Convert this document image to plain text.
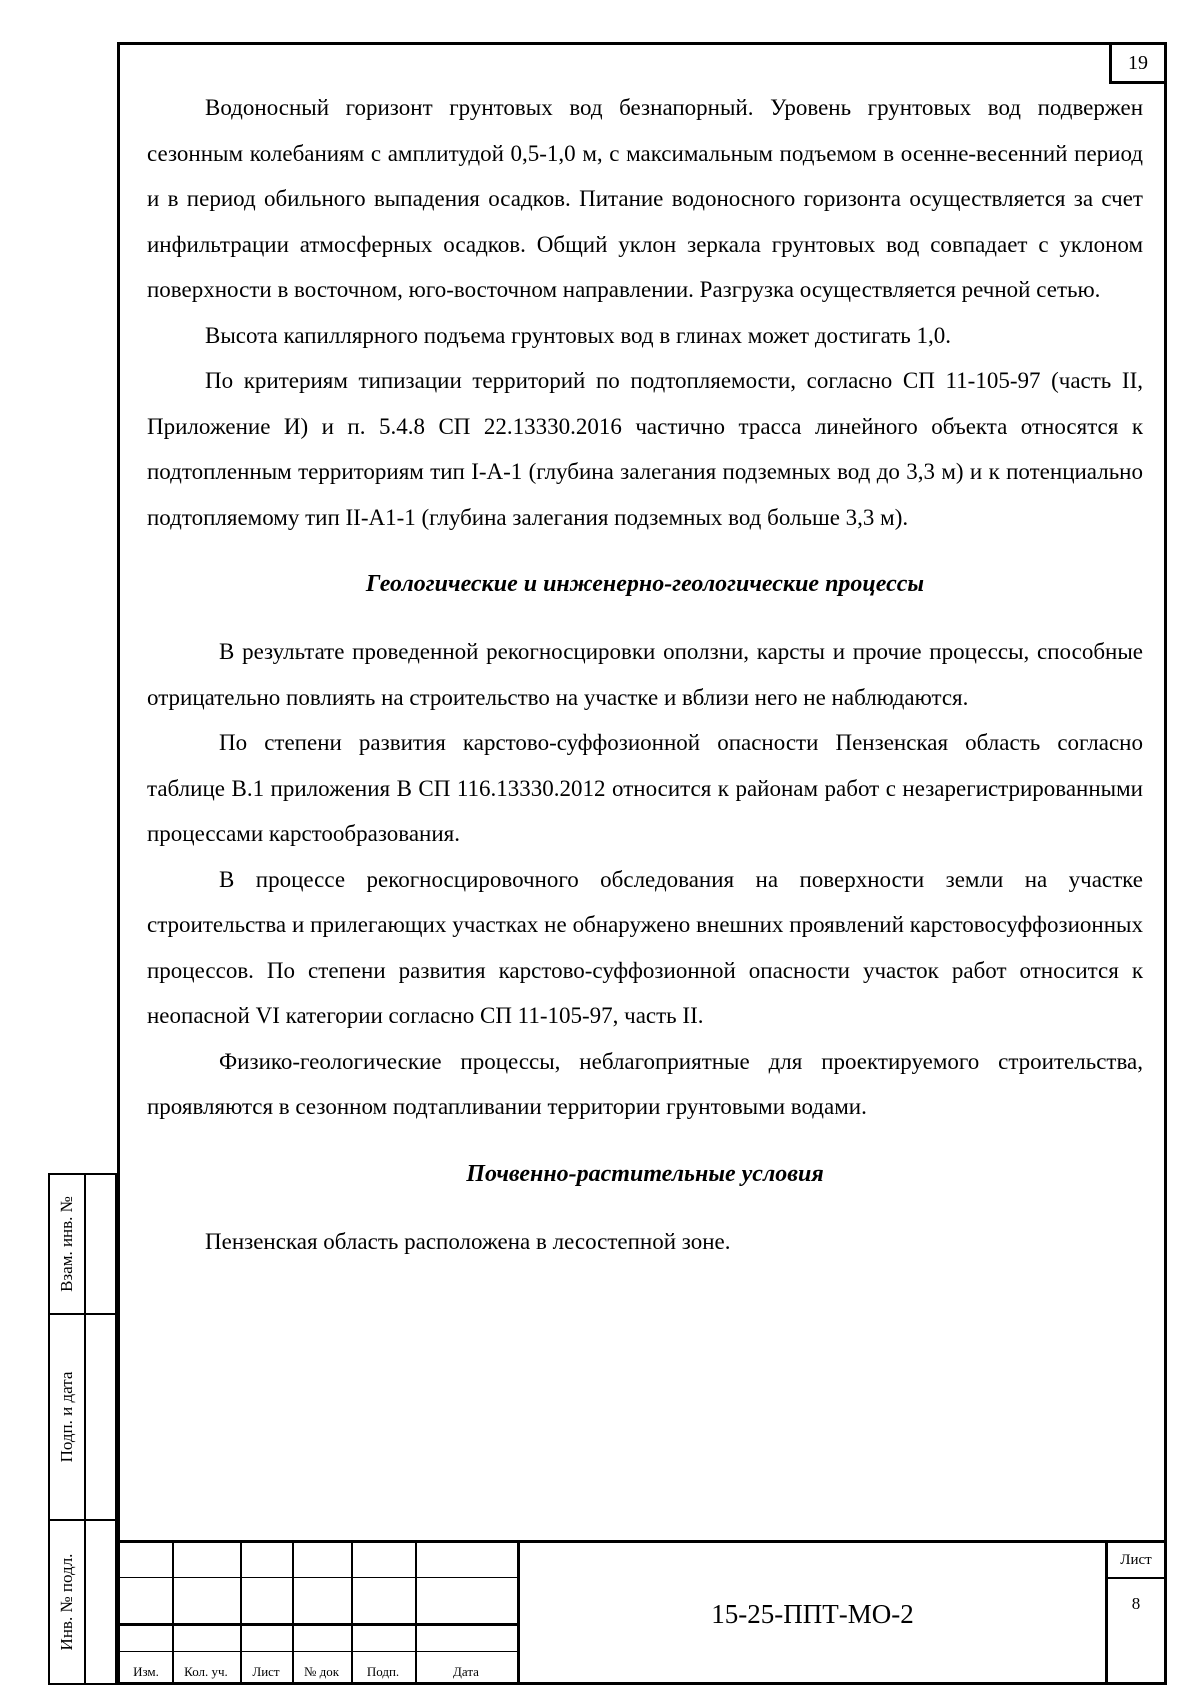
19

Водоносный горизонт грунтовых вод безнапорный. Уровень грунтовых вод подвержен сезонным колебаниям с амплитудой 0,5-1,0 м, с максимальным подъемом в осенне-весенний период и в период обильного выпадения осадков. Питание водоносного горизонта осуществляется за счет инфильтрации атмосферных осадков. Общий уклон зеркала грунтовых вод совпадает с уклоном поверхности в восточном, юго-восточном направлении. Разгрузка осуществляется речной сетью.

Высота капиллярного подъема грунтовых вод в глинах может достигать 1,0.

По критериям типизации территорий по подтопляемости, согласно СП 11-105-97 (часть II, Приложение И) и п. 5.4.8 СП 22.13330.2016 частично трасса линейного объекта относятся к подтопленным территориям тип I-А-1 (глубина залегания подземных вод до 3,3 м) и к потенциально подтопляемому тип II-А1-1 (глубина залегания подземных вод больше 3,3 м).

Геологические и инженерно-геологические процессы

В результате проведенной рекогносцировки оползни, карсты и прочие процессы, способные отрицательно повлиять на строительство на участке и вблизи него не наблюдаются.

По степени развития карстово-суффозионной опасности Пензенская область согласно таблице В.1 приложения В СП 116.13330.2012 относится к районам работ с незарегистрированными процессами карстообразования.

В процессе рекогносцировочного обследования на поверхности земли на участке строительства и прилегающих участках не обнаружено внешних проявлений карстовосуффозионных процессов. По степени развития карстово-суффозионной опасности участок работ относится к неопасной VI категории согласно СП 11-105-97, часть II.

Физико-геологические процессы, неблагоприятные для проектируемого строительства, проявляются в сезонном подтапливании территории грунтовыми водами.

Почвенно-растительные условия

Пензенская область расположена в лесостепной зоне.

Изм.	Кол. уч.	Лист	№ док	Подп.	Дата
15-25-ППТ-МО-2
Лист
8
Взам. инв. №
Подп. и дата
Инв. № подл.
